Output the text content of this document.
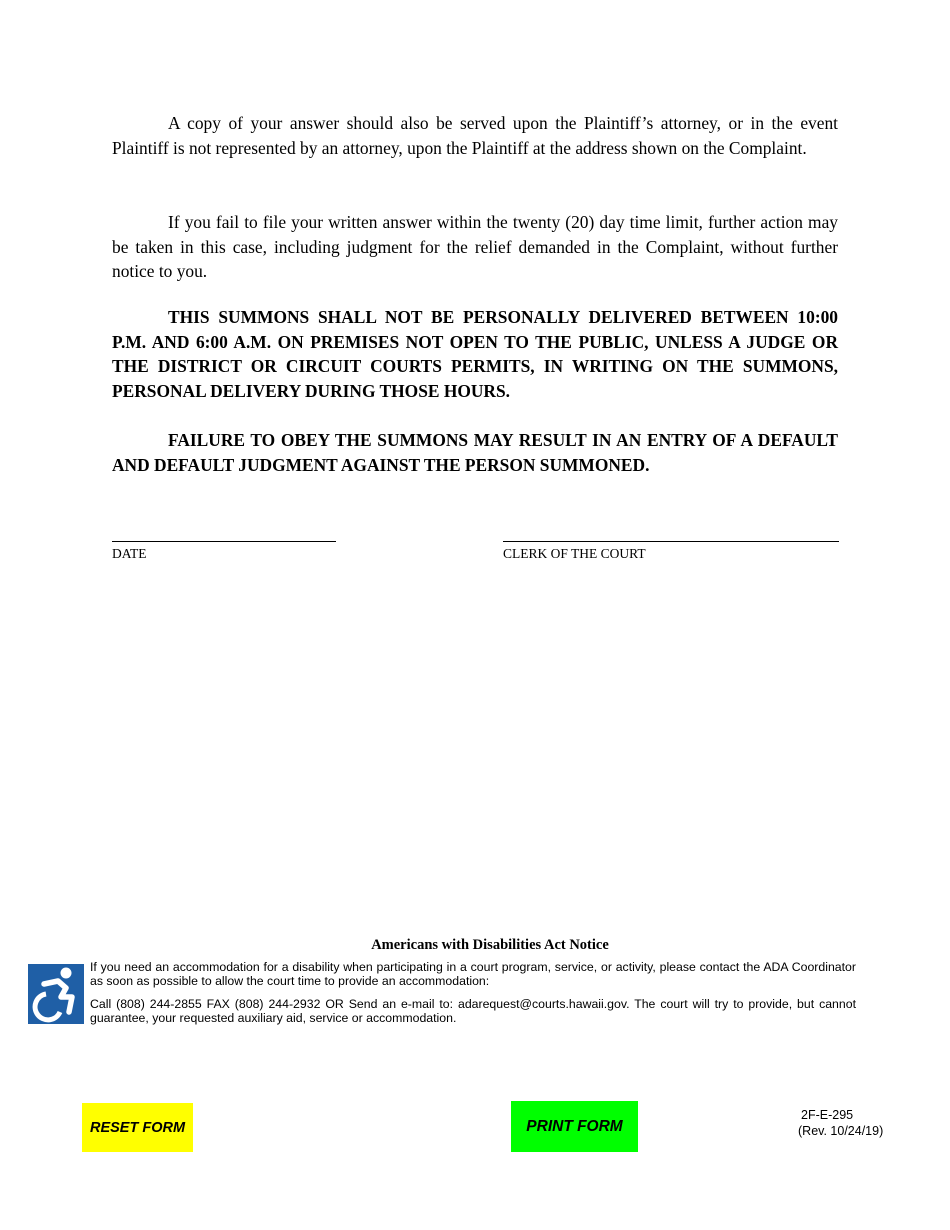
A copy of your answer should also be served upon the Plaintiff’s attorney, or in the event Plaintiff is not represented by an attorney, upon the Plaintiff at the address shown on the Complaint.

If you fail to file your written answer within the twenty (20) day time limit, further action may be taken in this case, including judgment for the relief demanded in the Complaint, without further notice to you.

THIS SUMMONS SHALL NOT BE PERSONALLY DELIVERED BETWEEN 10:00 P.M. AND 6:00 A.M. ON PREMISES NOT OPEN TO THE PUBLIC, UNLESS A JUDGE OR THE DISTRICT OR CIRCUIT COURTS PERMITS, IN WRITING ON THE SUMMONS, PERSONAL DELIVERY DURING THOSE HOURS.

FAILURE TO OBEY THE SUMMONS MAY RESULT IN AN ENTRY OF A DEFAULT AND DEFAULT JUDGMENT AGAINST THE PERSON SUMMONED.

DATE	CLERK OF THE COURT
Americans with Disabilities Act Notice

If you need an accommodation for a disability when participating in a court program, service, or activity, please contact the ADA Coordinator as soon as possible to allow the court time to provide an accommodation:

Call (808) 244-2855 FAX (808) 244-2932 OR Send an e-mail to: adarequest@courts.hawaii.gov. The court will try to provide, but cannot guarantee, your requested auxiliary aid, service or accommodation.

RESET FORM	PRINT FORM
2F-E-295
(Rev. 10/24/19)
